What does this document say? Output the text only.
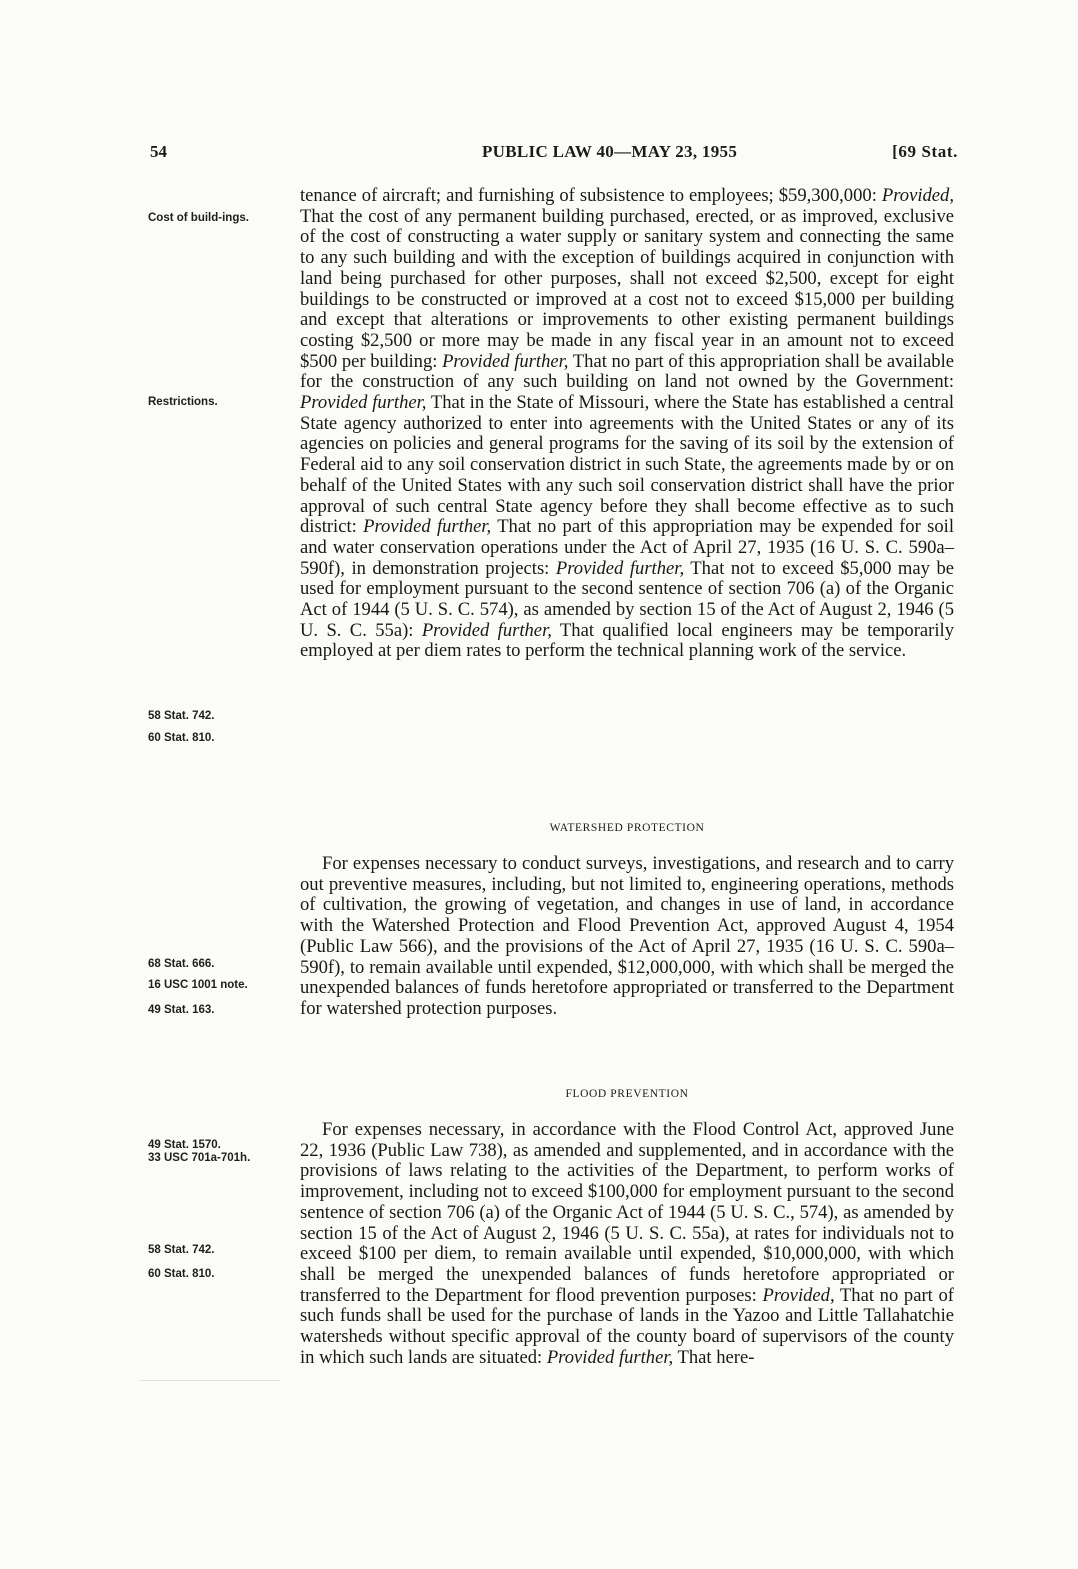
54	PUBLIC LAW 40—MAY 23, 1955	[69 Stat.
Cost of build-ings.
Restrictions.
58 Stat. 742.
60 Stat. 810.
68 Stat. 666.
16 USC 1001 note.
49 Stat. 163.
49 Stat. 1570.
33 USC 701a-701h.
58 Stat. 742.
60 Stat. 810.

tenance of aircraft; and furnishing of subsistence to employees; $59,300,000: Provided, That the cost of any permanent building purchased, erected, or as improved, exclusive of the cost of constructing a water supply or sanitary system and connecting the same to any such building and with the exception of buildings acquired in conjunction with land being purchased for other purposes, shall not exceed $2,500, except for eight buildings to be constructed or improved at a cost not to exceed $15,000 per building and except that alterations or improvements to other existing permanent buildings costing $2,500 or more may be made in any fiscal year in an amount not to exceed $500 per building: Provided further, That no part of this appropriation shall be available for the construction of any such building on land not owned by the Government: Provided further, That in the State of Missouri, where the State has established a central State agency authorized to enter into agreements with the United States or any of its agencies on policies and general programs for the saving of its soil by the extension of Federal aid to any soil conservation district in such State, the agreements made by or on behalf of the United States with any such soil conservation district shall have the prior approval of such central State agency before they shall become effective as to such district: Provided further, That no part of this appropriation may be expended for soil and water conservation operations under the Act of April 27, 1935 (16 U. S. C. 590a–590f), in demonstration projects: Provided further, That not to exceed $5,000 may be used for employment pursuant to the second sentence of section 706 (a) of the Organic Act of 1944 (5 U. S. C. 574), as amended by section 15 of the Act of August 2, 1946 (5 U. S. C. 55a): Provided further, That qualified local engineers may be temporarily employed at per diem rates to perform the technical planning work of the service.

WATERSHED PROTECTION

For expenses necessary to conduct surveys, investigations, and research and to carry out preventive measures, including, but not limited to, engineering operations, methods of cultivation, the growing of vegetation, and changes in use of land, in accordance with the Watershed Protection and Flood Prevention Act, approved August 4, 1954 (Public Law 566), and the provisions of the Act of April 27, 1935 (16 U. S. C. 590a–590f), to remain available until expended, $12,000,000, with which shall be merged the unexpended balances of funds heretofore appropriated or transferred to the Department for watershed protection purposes.

FLOOD PREVENTION

For expenses necessary, in accordance with the Flood Control Act, approved June 22, 1936 (Public Law 738), as amended and supplemented, and in accordance with the provisions of laws relating to the activities of the Department, to perform works of improvement, including not to exceed $100,000 for employment pursuant to the second sentence of section 706 (a) of the Organic Act of 1944 (5 U. S. C., 574), as amended by section 15 of the Act of August 2, 1946 (5 U. S. C. 55a), at rates for individuals not to exceed $100 per diem, to remain available until expended, $10,000,000, with which shall be merged the unexpended balances of funds heretofore appropriated or transferred to the Department for flood prevention purposes: Provided, That no part of such funds shall be used for the purchase of lands in the Yazoo and Little Tallahatchie watersheds without specific approval of the county board of supervisors of the county in which such lands are situated: Provided further, That here-
